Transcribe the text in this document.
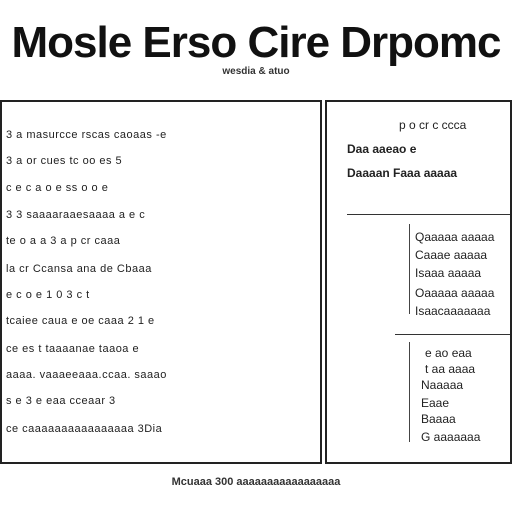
Mosle Erso Cire Drpomc
wesdia & atuo
3 a masurcce rscas caoaas -e
3 a or cues tc oo es 5
c e c a o e ss o o e
3 3 saaaaraaesaaaa a e c
te o a a 3 a p cr caaa
la cr Ccansa ana de Cbaaa
e c o e 1 0 3 c t
tcaiee caua e oe caaa 2 1 e
ce es t taaaanae taaoa e
aaaa. vaaaeeaaa.ccaa. saaao
s e 3 e eaa cceaar 3
ce caaaaaaaaaaaaaaaa 3Dia
p o cr c ccca
Daa aaeao e
Daaaan Faaa aaaaa
Qaaaaa aaaaa
Caaae aaaaa
Isaaa aaaaa
Oaaaaa aaaaa
Isaacaaaaaaa
e ao eaa
t aa aaaa
Naaaaa
Eaae
Baaaa
G aaaaaaa
Mcuaaa 300 aaaaaaaaaaaaaaaaa
